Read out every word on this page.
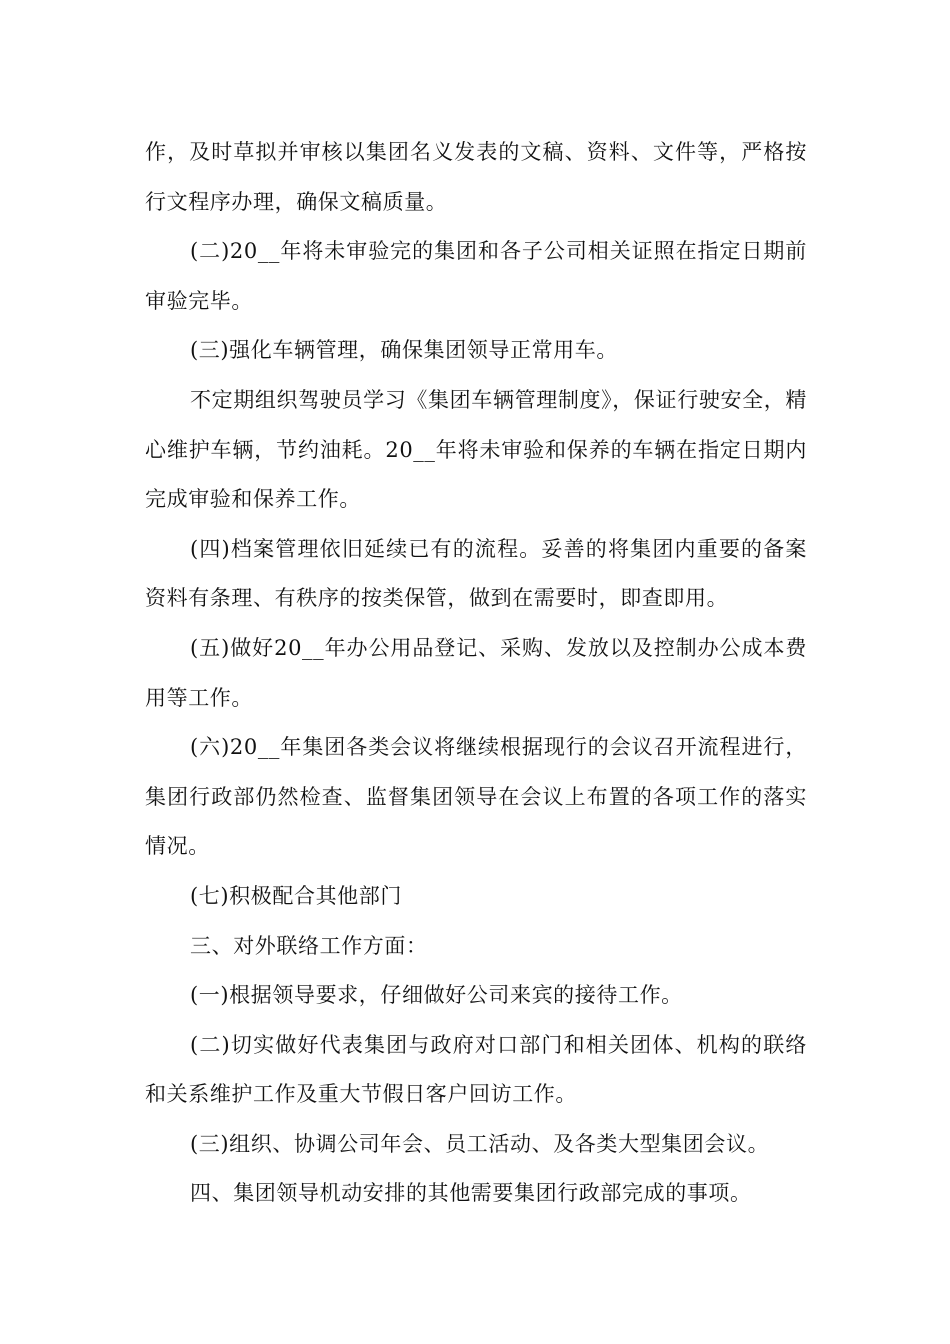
作，及时草拟并审核以集团名义发表的文稿、资料、文件等，严格按行文程序办理，确保文稿质量。

(二)20__年将未审验完的集团和各子公司相关证照在指定日期前审验完毕。

(三)强化车辆管理，确保集团领导正常用车。

不定期组织驾驶员学习《集团车辆管理制度》，保证行驶安全，精心维护车辆，节约油耗。20__年将未审验和保养的车辆在指定日期内完成审验和保养工作。

(四)档案管理依旧延续已有的流程。妥善的将集团内重要的备案资料有条理、有秩序的按类保管，做到在需要时，即查即用。

(五)做好20__年办公用品登记、采购、发放以及控制办公成本费用等工作。

(六)20__年集团各类会议将继续根据现行的会议召开流程进行，集团行政部仍然检查、监督集团领导在会议上布置的各项工作的落实情况。

(七)积极配合其他部门

三、对外联络工作方面：

(一)根据领导要求，仔细做好公司来宾的接待工作。

(二)切实做好代表集团与政府对口部门和相关团体、机构的联络和关系维护工作及重大节假日客户回访工作。

(三)组织、协调公司年会、员工活动、及各类大型集团会议。

四、集团领导机动安排的其他需要集团行政部完成的事项。
